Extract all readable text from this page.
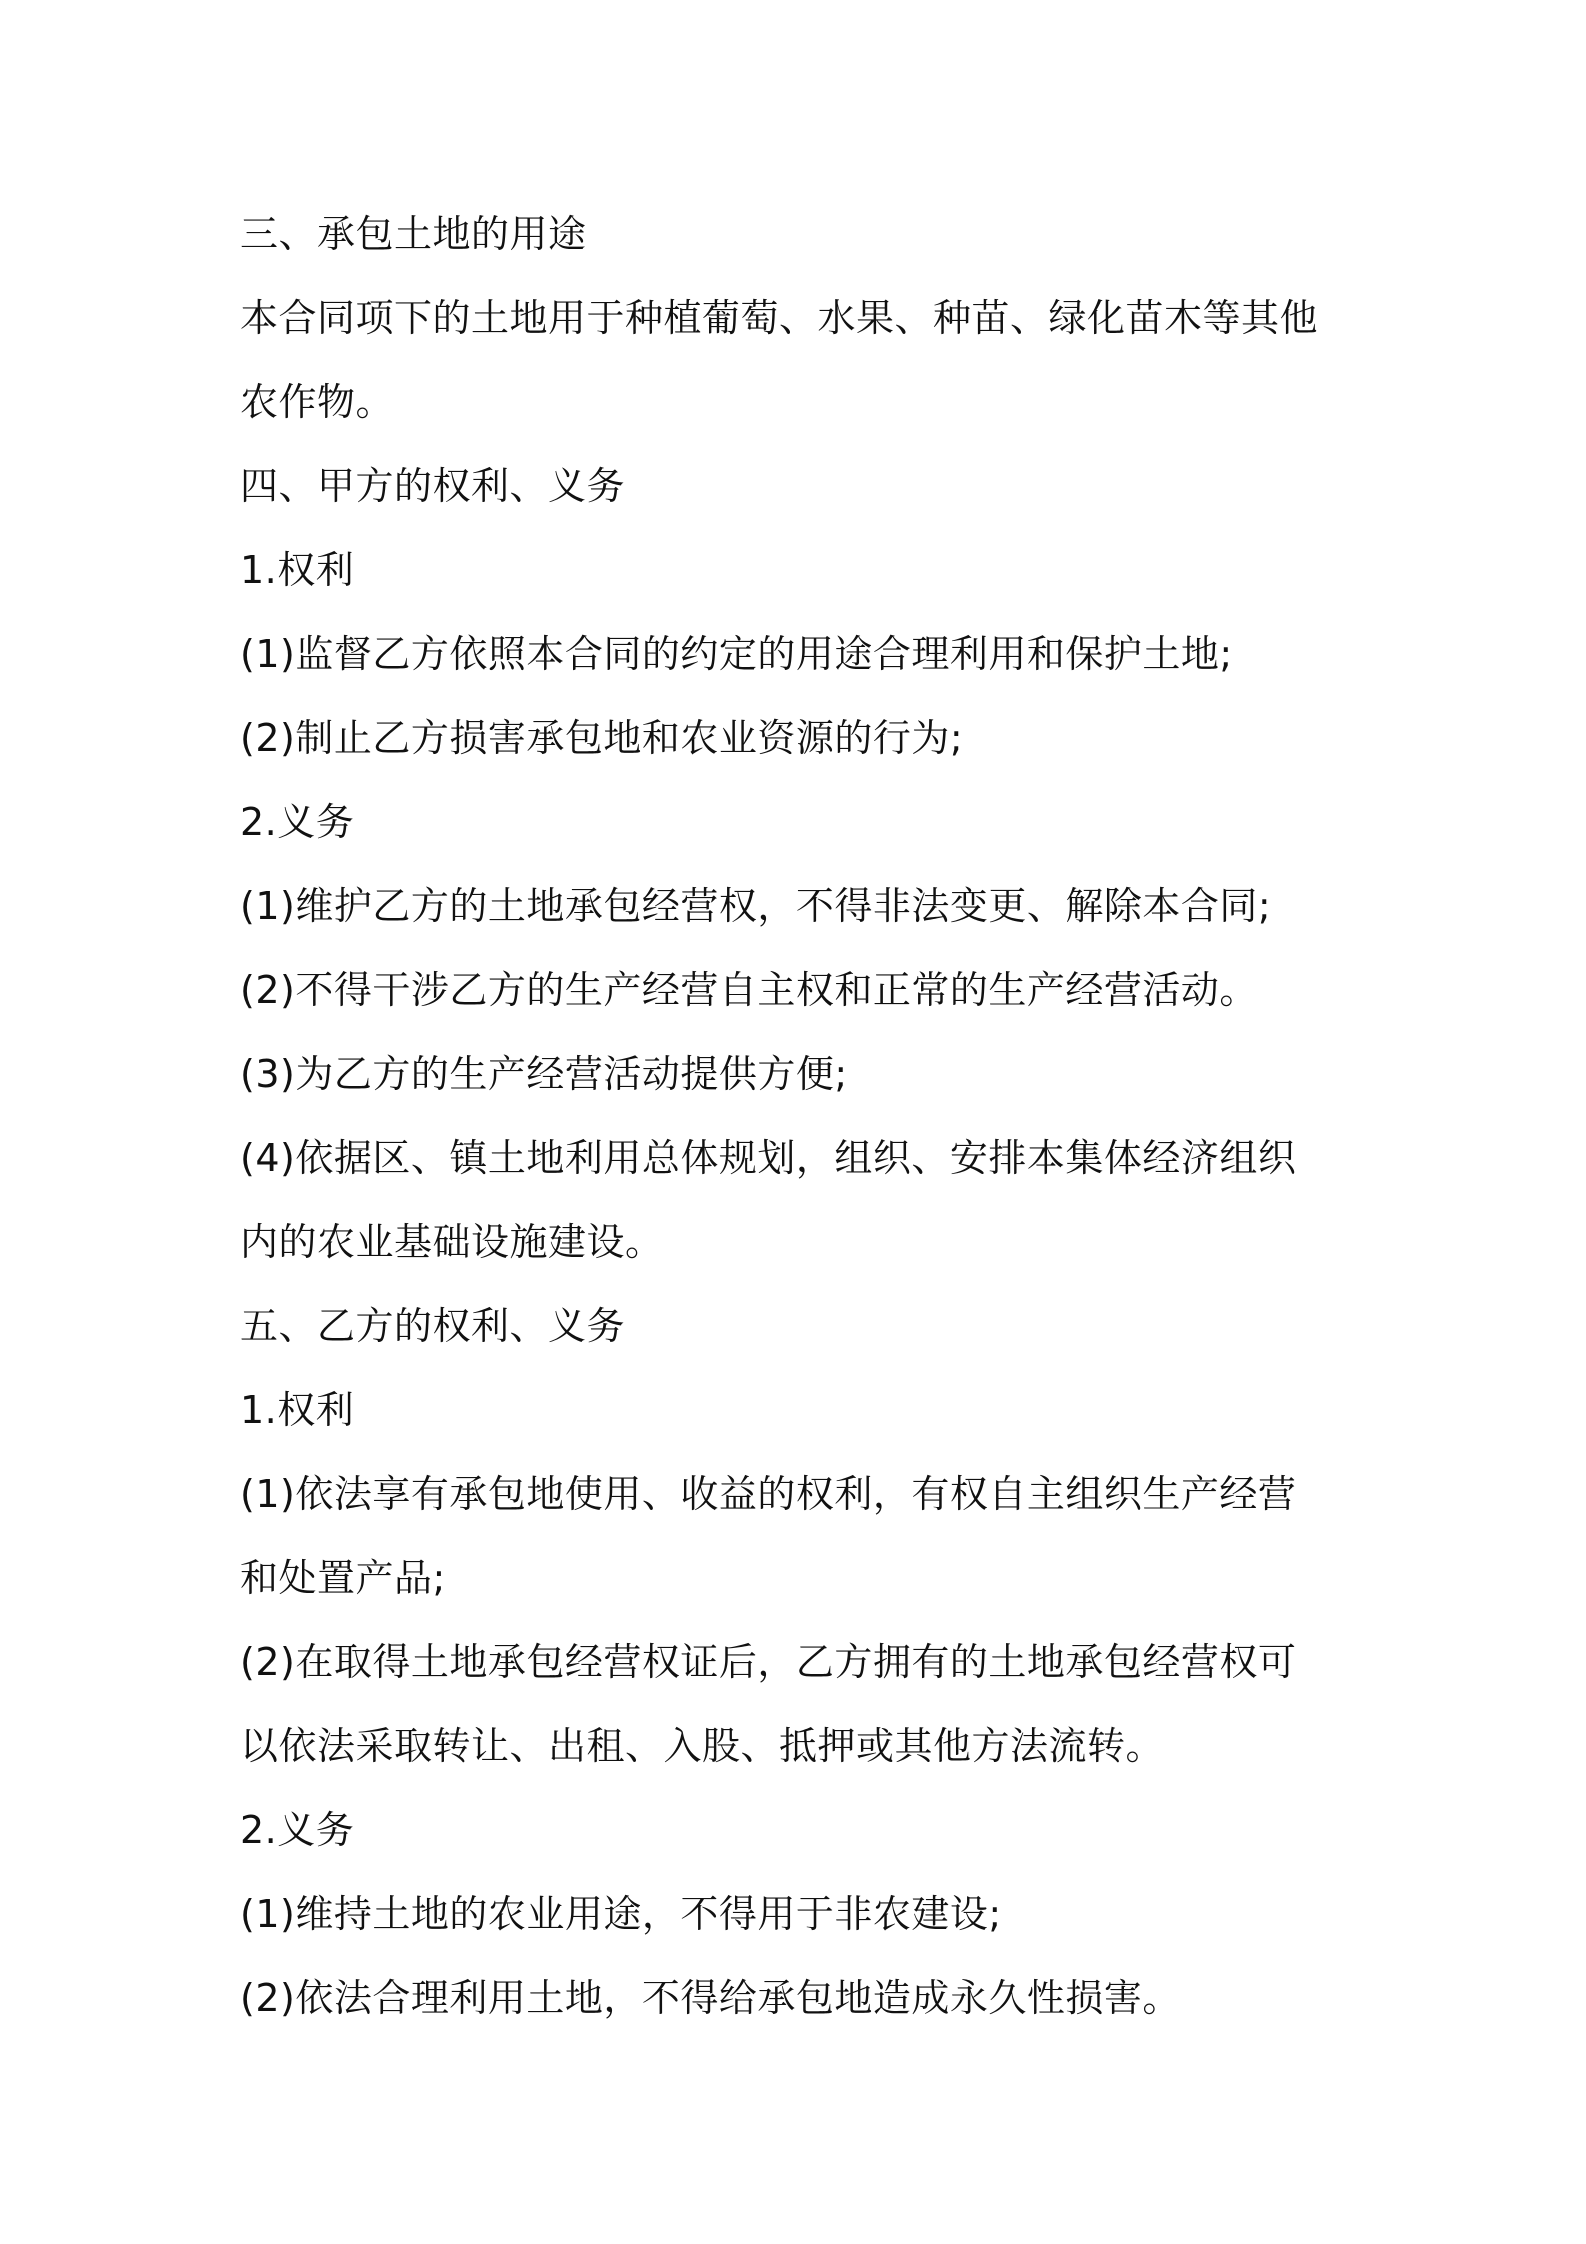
三、承包土地的用途
本合同项下的土地用于种植葡萄、水果、种苗、绿化苗木等其他
农作物。
四、甲方的权利、义务
1.权利
(1)监督乙方依照本合同的约定的用途合理利用和保护土地;
(2)制止乙方损害承包地和农业资源的行为;
2.义务
(1)维护乙方的土地承包经营权，不得非法变更、解除本合同;
(2)不得干涉乙方的生产经营自主权和正常的生产经营活动。
(3)为乙方的生产经营活动提供方便;
(4)依据区、镇土地利用总体规划，组织、安排本集体经济组织
内的农业基础设施建设。
五、乙方的权利、义务
1.权利
(1)依法享有承包地使用、收益的权利，有权自主组织生产经营
和处置产品;
(2)在取得土地承包经营权证后，乙方拥有的土地承包经营权可
以依法采取转让、出租、入股、抵押或其他方法流转。
2.义务
(1)维持土地的农业用途，不得用于非农建设;
(2)依法合理利用土地，不得给承包地造成永久性损害。
